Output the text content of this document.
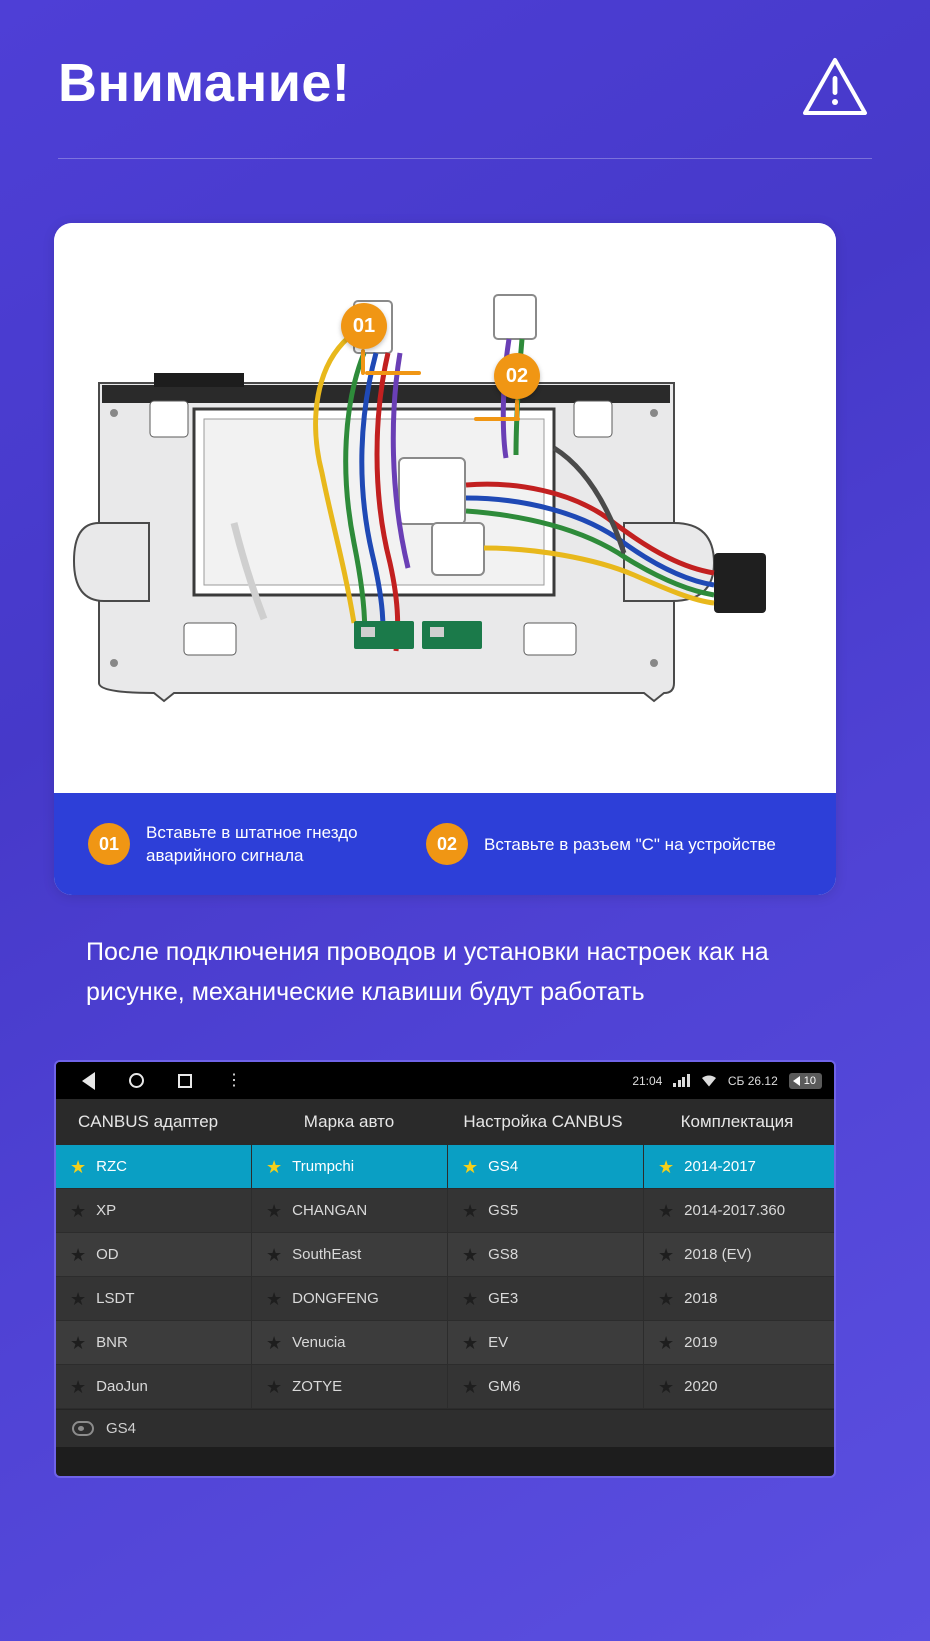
Внимание!
01
02
01
Вставьте в штатное гнездо аварийного сигнала
02	Вставьте в разъем "C" на устройстве
После подключения проводов и установки настроек как на рисунке, механические клавиши будут работать
⋮	21:04	СБ 26.12 10
CANBUS адаптер	Марка авто	Настройка CANBUS	Комплектация
★ RZC	★ Trumpchi	★ GS4	★ 2014-2017
★ XP	★ CHANGAN	★ GS5	★ 2014-2017.360
★ OD	★ SouthEast	★ GS8	★ 2018 (EV)
★ LSDT	★ DONGFENG	★ GE3	★ 2018
★ BNR	★ Venucia	★ EV	★ 2019
★ DaoJun	★ ZOTYE	★ GM6	★ 2020
GS4
